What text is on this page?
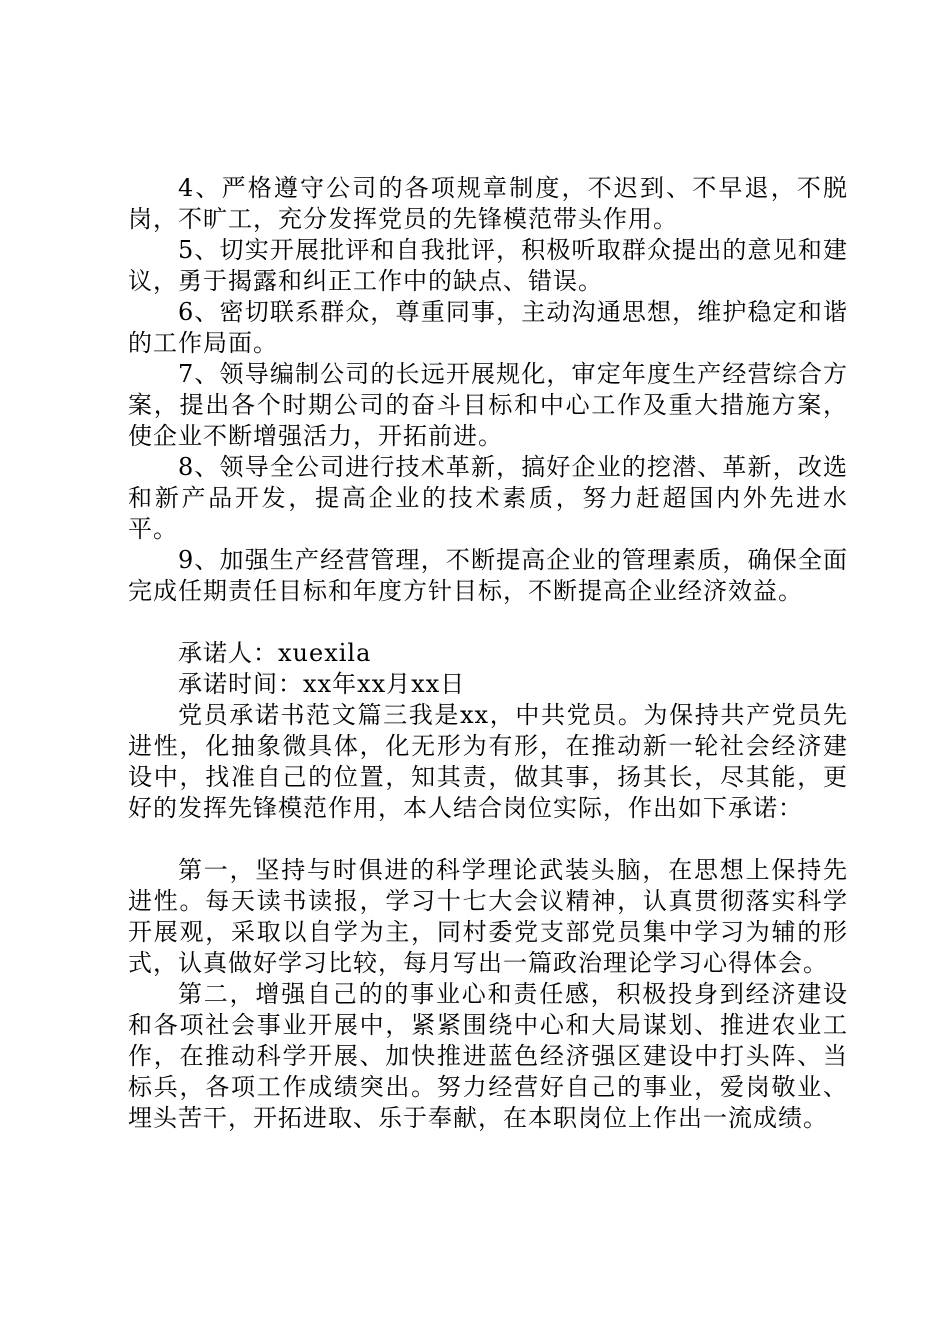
4、严格遵守公司的各项规章制度，不迟到、不早退，不脱岗，不旷工，充分发挥党员的先锋模范带头作用。

5、切实开展批评和自我批评，积极听取群众提出的意见和建议，勇于揭露和纠正工作中的缺点、错误。

6、密切联系群众，尊重同事，主动沟通思想，维护稳定和谐的工作局面。

7、领导编制公司的长远开展规化，审定年度生产经营综合方案，提出各个时期公司的奋斗目标和中心工作及重大措施方案，使企业不断增强活力，开拓前进。

8、领导全公司进行技术革新，搞好企业的挖潜、革新，改选和新产品开发，提高企业的技术素质，努力赶超国内外先进水平。

9、加强生产经营管理，不断提高企业的管理素质，确保全面完成任期责任目标和年度方针目标，不断提高企业经济效益。

承诺人：xuexila

承诺时间：xx年xx月xx日

党员承诺书范文篇三我是xx，中共党员。为保持共产党员先进性，化抽象微具体，化无形为有形，在推动新一轮社会经济建设中，找准自己的位置，知其责，做其事，扬其长，尽其能，更好的发挥先锋模范作用，本人结合岗位实际，作出如下承诺：

第一，坚持与时俱进的科学理论武装头脑，在思想上保持先进性。每天读书读报，学习十七大会议精神，认真贯彻落实科学开展观，采取以自学为主，同村委党支部党员集中学习为辅的形式，认真做好学习比较，每月写出一篇政治理论学习心得体会。

第二，增强自己的的事业心和责任感，积极投身到经济建设和各项社会事业开展中，紧紧围绕中心和大局谋划、推进农业工作，在推动科学开展、加快推进蓝色经济强区建设中打头阵、当标兵，各项工作成绩突出。努力经营好自己的事业，爱岗敬业、埋头苦干，开拓进取、乐于奉献，在本职岗位上作出一流成绩。
